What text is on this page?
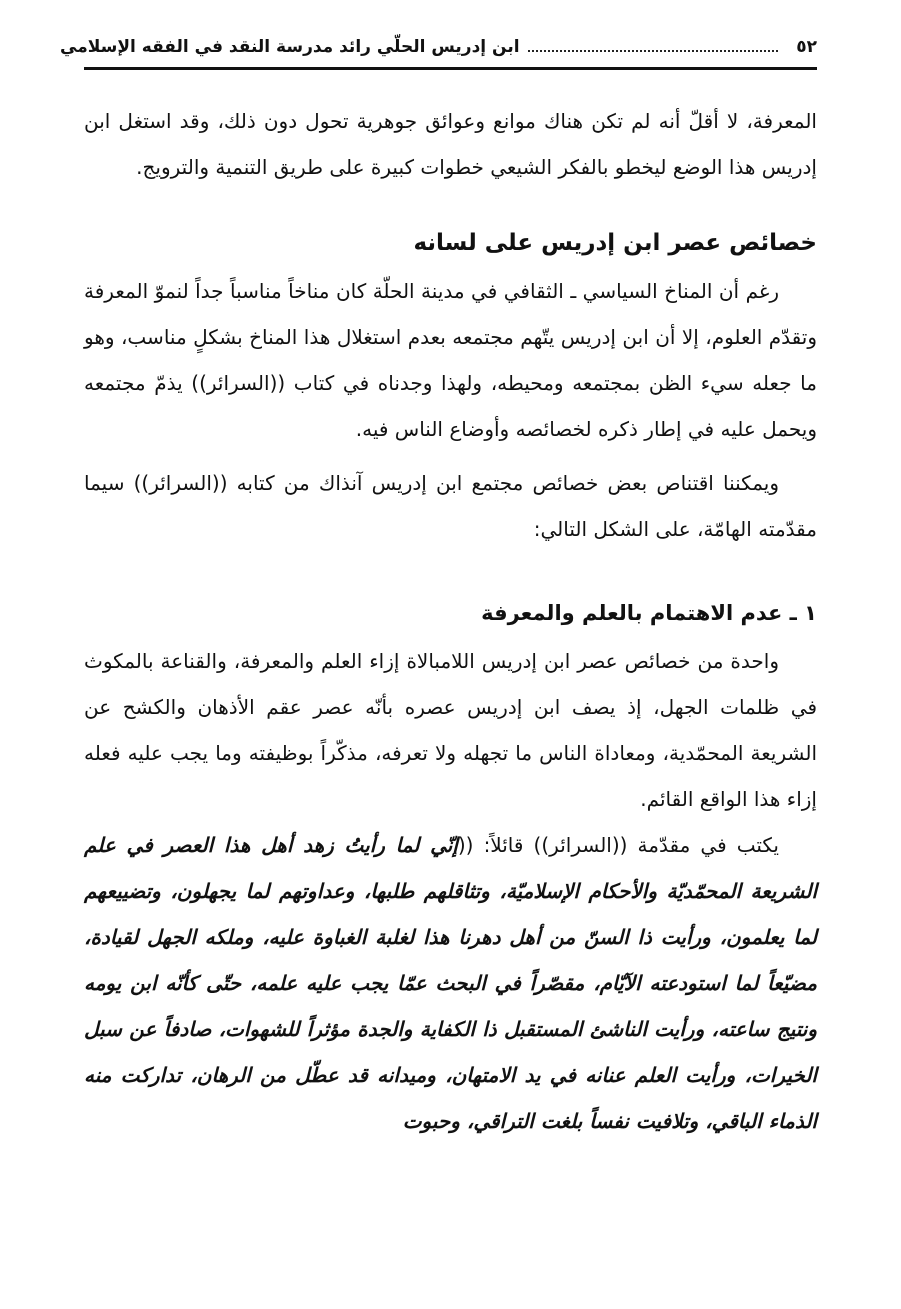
٥٢
ابن إدريس الحلّي رائد مدرسة النقد في الفقه الإسلامي

المعرفة، لا أقلّ أنه لم تكن هناك موانع وعوائق جوهرية تحول دون ذلك، وقد استغل ابن إدريس هذا الوضع ليخطو بالفكر الشيعي خطوات كبيرة على طريق التنمية والترويج.

خصائص عصر ابن إدريس على لسانه

رغم أن المناخ السياسي ـ الثقافي في مدينة الحلّة كان مناخاً مناسباً جداً لنموّ المعرفة وتقدّم العلوم، إلا أن ابن إدريس يتّهم مجتمعه بعدم استغلال هذا المناخ بشكلٍ مناسب، وهو ما جعله سيء الظن بمجتمعه ومحيطه، ولهذا وجدناه في كتاب ((السرائر)) يذمّ مجتمعه ويحمل عليه في إطار ذكره لخصائصه وأوضاع الناس فيه.

ويمكننا اقتناص بعض خصائص مجتمع ابن إدريس آنذاك من كتابه ((السرائر)) سيما مقدّمته الهامّة، على الشكل التالي:

١ ـ عدم الاهتمام بالعلم والمعرفة

واحدة من خصائص عصر ابن إدريس اللامبالاة إزاء العلم والمعرفة، والقناعة بالمكوث في ظلمات الجهل، إذ يصف ابن إدريس عصره بأنّه عصر عقم الأذهان والكشح عن الشريعة المحمّدية، ومعاداة الناس ما تجهله ولا تعرفه، مذكّراً بوظيفته وما يجب عليه فعله إزاء هذا الواقع القائم.

يكتب في مقدّمة ((السرائر)) قائلاً: ((إنّي لما رأيتُ زهد أهل هذا العصر في علم الشريعة المحمّديّة والأحكام الإسلاميّة، وتثاقلهم طلبها، وعداوتهم لما يجهلون، وتضييعهم لما يعلمون، ورأيت ذا السنّ من أهل دهرنا هذا لغلبة الغباوة عليه، وملكه الجهل لقيادة، مضيّعاً لما استودعته الآيّام، مقصّراً في البحث عمّا يجب عليه علمه، حتّى كأنّه ابن يومه ونتيج ساعته، ورأيت الناشئ المستقبل ذا الكفاية والجدة مؤثراً للشهوات، صادفاً عن سبل الخيرات، ورأيت العلم عنانه في يد الامتهان، وميدانه قد عطّل من الرهان، تداركت منه الذماء الباقي، وتلافيت نفساً بلغت التراقي، وحبوت
